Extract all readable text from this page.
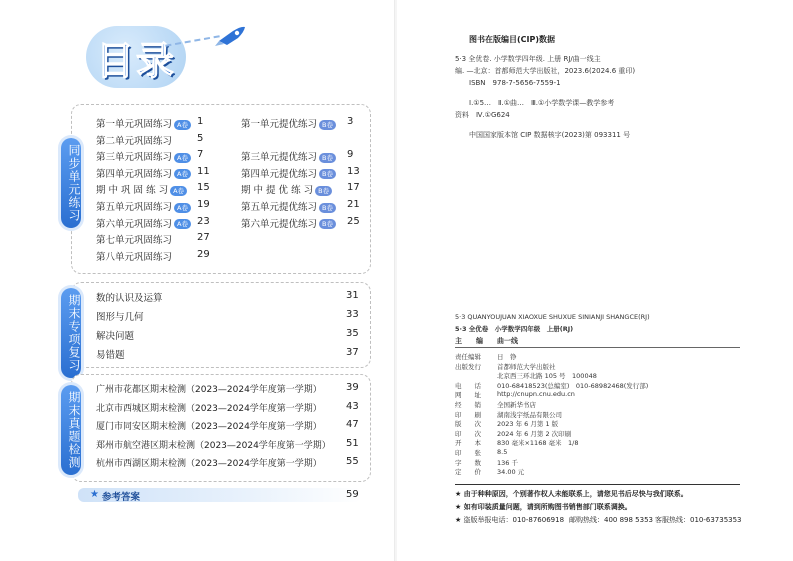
目录
同步单元练习
第一单元巩固练习 A卷 1
第二单元巩固练习 5
第三单元巩固练习 A卷 7
第四单元巩固练习 A卷 11
期 中 巩 固 练 习 A卷	15
第五单元巩固练习 A卷 19
第六单元巩固练习 A卷 23
第七单元巩固练习 27
第八单元巩固练习 29
第一单元提优练习 B卷	3
第三单元提优练习 B卷	9
第四单元提优练习 B卷	13
期 中 提 优 练 习 B卷	17
第五单元提优练习 B卷	21
第六单元提优练习 B卷	25
期末专项复习 数的认识及运算	31
图形与几何	33
解决问题	35
易错题	37
期末真题检测
广州市花都区期末检测（2023—2024学年度第一学期） 39
北京市西城区期末检测（2023—2024学年度第一学期） 43
厦门市同安区期末检测（2023—2024学年度第一学期） 47
郑州市航空港区期末检测（2023—2024学年度第一学期） 51
杭州市西湖区期末检测（2023—2024学年度第一学期） 55
★ 参考答案	59
图书在版编目(CIP)数据
5·3 全优卷. 小学数学四年级. 上册 RJ/曲一线主
编. —北京：首都师范大学出版社，2023.6(2024.6 重印)
ISBN　978-7-5656-7559-1
Ⅰ.①5…　Ⅱ.①曲…　Ⅲ.①小学数学课—教学参考
资料　Ⅳ.①G624
中国国家版本馆 CIP 数据核字(2023)第 093311 号
5·3 QUANYOUJUAN XIAOXUE SHUXUE SINIANJI SHANGCE(RJ)
5·3 全优卷　小学数学四年级　上册(RJ)
主　　编 曲一线
责任编辑 日　铮
出版发行 首都师范大学出版社
北京西三环北路 105 号　100048
电　　话 010-68418523(总编室)　010-68982468(发行部)
网　　址 http://cnupn.cnu.edu.cn
经　　销 全国新华书店
印　　刷 湖南浅宇纸品有限公司
版　　次 2023 年 6 月第 1 版
印　　次 2024 年 6 月第 2 次印刷
开　　本 830 毫米×1168 毫米　1/8
印　　张 8.5
字　　数 136 千
定　　价 34.00 元
★ 由于种种原因，个别著作权人未能联系上，请您见书后尽快与我们联系。
★ 如有印装质量问题，请到所购图书销售部门联系调换。
★ 盗版举报电话：010-87606918 邮购热线：400 898 5353 客服热线：010-63735353
